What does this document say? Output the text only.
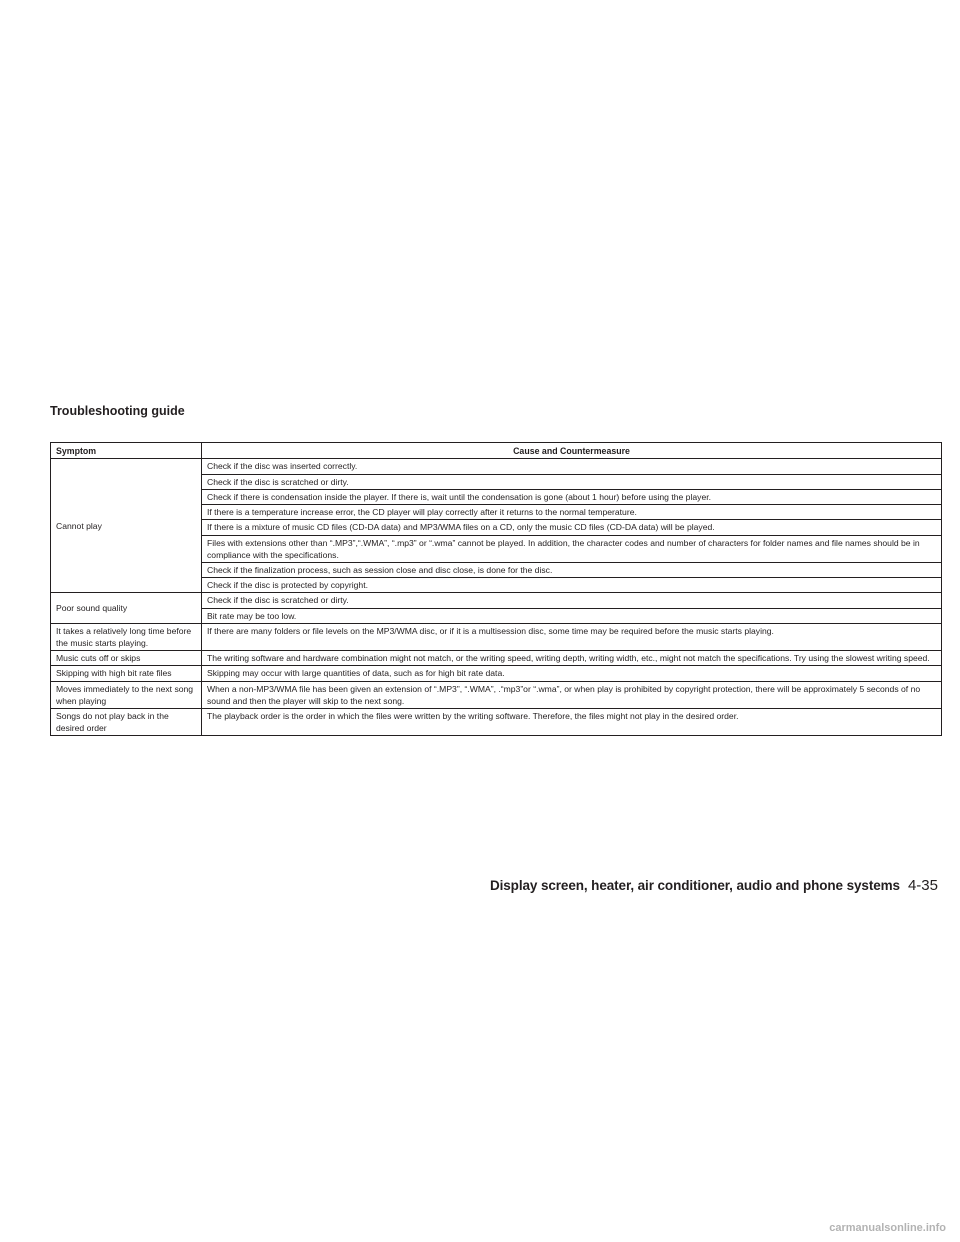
Troubleshooting guide
Symptom	Cause and Countermeasure
Cannot play	Check if the disc was inserted correctly.
	Check if the disc is scratched or dirty.
	Check if there is condensation inside the player. If there is, wait until the condensation is gone (about 1 hour) before using the player.
	If there is a temperature increase error, the CD player will play correctly after it returns to the normal temperature.
	If there is a mixture of music CD files (CD-DA data) and MP3/WMA files on a CD, only the music CD files (CD-DA data) will be played.
	Files with extensions other than “.MP3”,“.WMA”, “.mp3” or “.wma” cannot be played. In addition, the character codes and number of characters for folder names and file names should be in compliance with the specifications.
	Check if the finalization process, such as session close and disc close, is done for the disc.
	Check if the disc is protected by copyright.
Poor sound quality	Check if the disc is scratched or dirty.
	Bit rate may be too low.
It takes a relatively long time before the music starts playing.	If there are many folders or file levels on the MP3/WMA disc, or if it is a multisession disc, some time may be required before the music starts playing.
Music cuts off or skips	The writing software and hardware combination might not match, or the writing speed, writing depth, writing width, etc., might not match the specifications. Try using the slowest writing speed.
Skipping with high bit rate files	Skipping may occur with large quantities of data, such as for high bit rate data.
Moves immediately to the next song when playing	When a non-MP3/WMA file has been given an extension of “.MP3”, “.WMA”, .“mp3”or “.wma”, or when play is prohibited by copyright protection, there will be approximately 5 seconds of no sound and then the player will skip to the next song.
Songs do not play back in the desired order	The playback order is the order in which the files were written by the writing software. Therefore, the files might not play in the desired order.
Display screen, heater, air conditioner, audio and phone systems 4-35
carmanualsonline.info
